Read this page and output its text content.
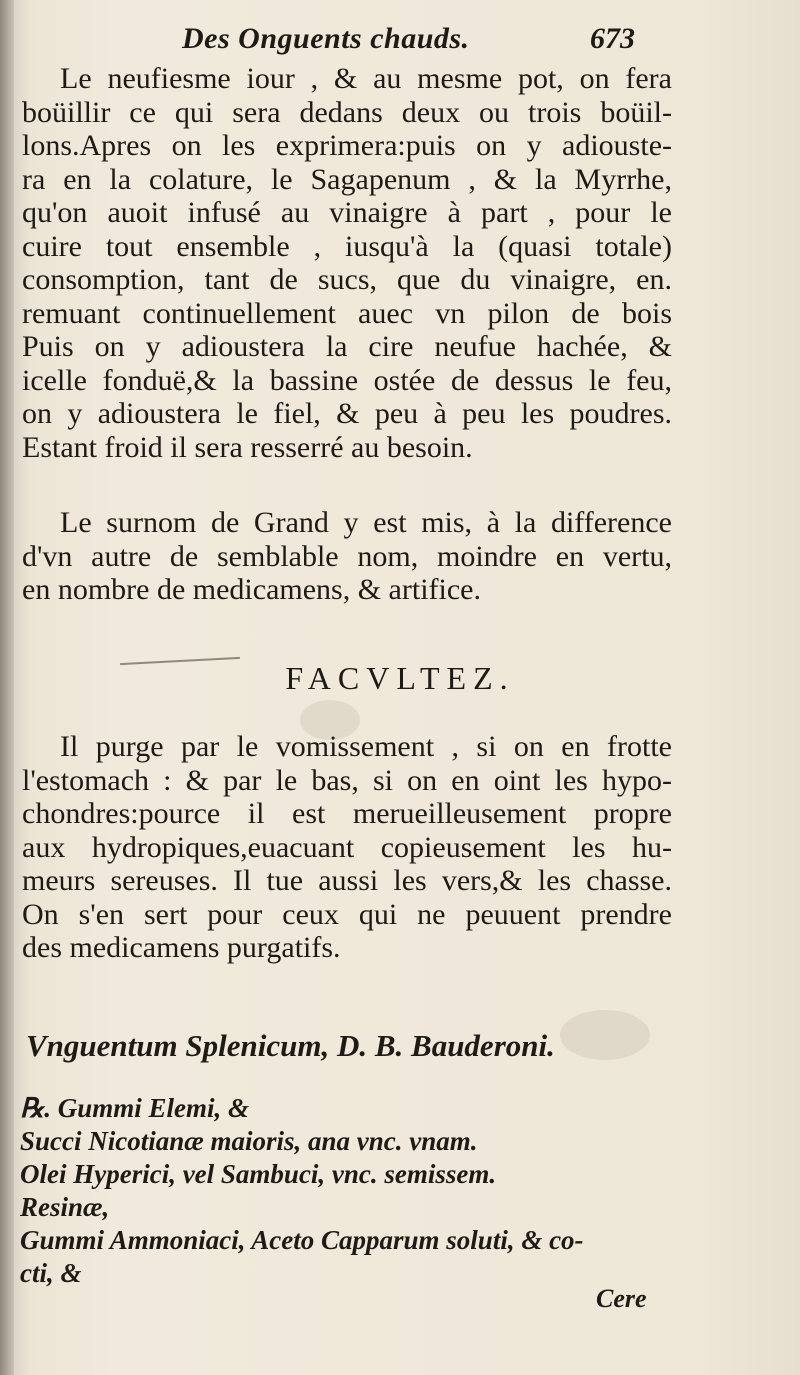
Des Onguents chauds.	673
Le neufiesme iour , & au mesme pot, on fera
boüillir ce qui sera dedans deux ou trois boüil-
lons.Apres on les exprimera:puis on y adiouste-
ra en la colature, le Sagapenum , & la Myrrhe,
qu'on auoit infusé au vinaigre à part , pour le
cuire tout ensemble , iusqu'à la (quasi totale)
consomption, tant de sucs, que du vinaigre, en.
remuant continuellement auec vn pilon de bois
Puis on y adioustera la cire neufue hachée, &
icelle fonduë,& la bassine ostée de dessus le feu,
on y adioustera le fiel, & peu à peu les poudres.
Estant froid il sera resserré au besoin.
Le surnom de Grand y est mis, à la difference
d'vn autre de semblable nom, moindre en vertu,
en nombre de medicamens, & artifice.
FACVLTEZ.
Il purge par le vomissement , si on en frotte
l'estomach : & par le bas, si on en oint les hypo-
chondres:pource il est merueilleusement propre
aux hydropiques,euacuant copieusement les hu-
meurs sereuses. Il tue aussi les vers,& les chasse.
On s'en sert pour ceux qui ne peuuent prendre
des medicamens purgatifs.
Vnguentum Splenicum, D. B. Bauderoni.
℞. Gummi Elemi, &
Succi Nicotianæ maioris, ana vnc. vnam.
Olei Hyperici, vel Sambuci, vnc. semissem.
Resinæ,
Gummi Ammoniaci, Aceto Capparum soluti, & co-
cti, &
Cere
